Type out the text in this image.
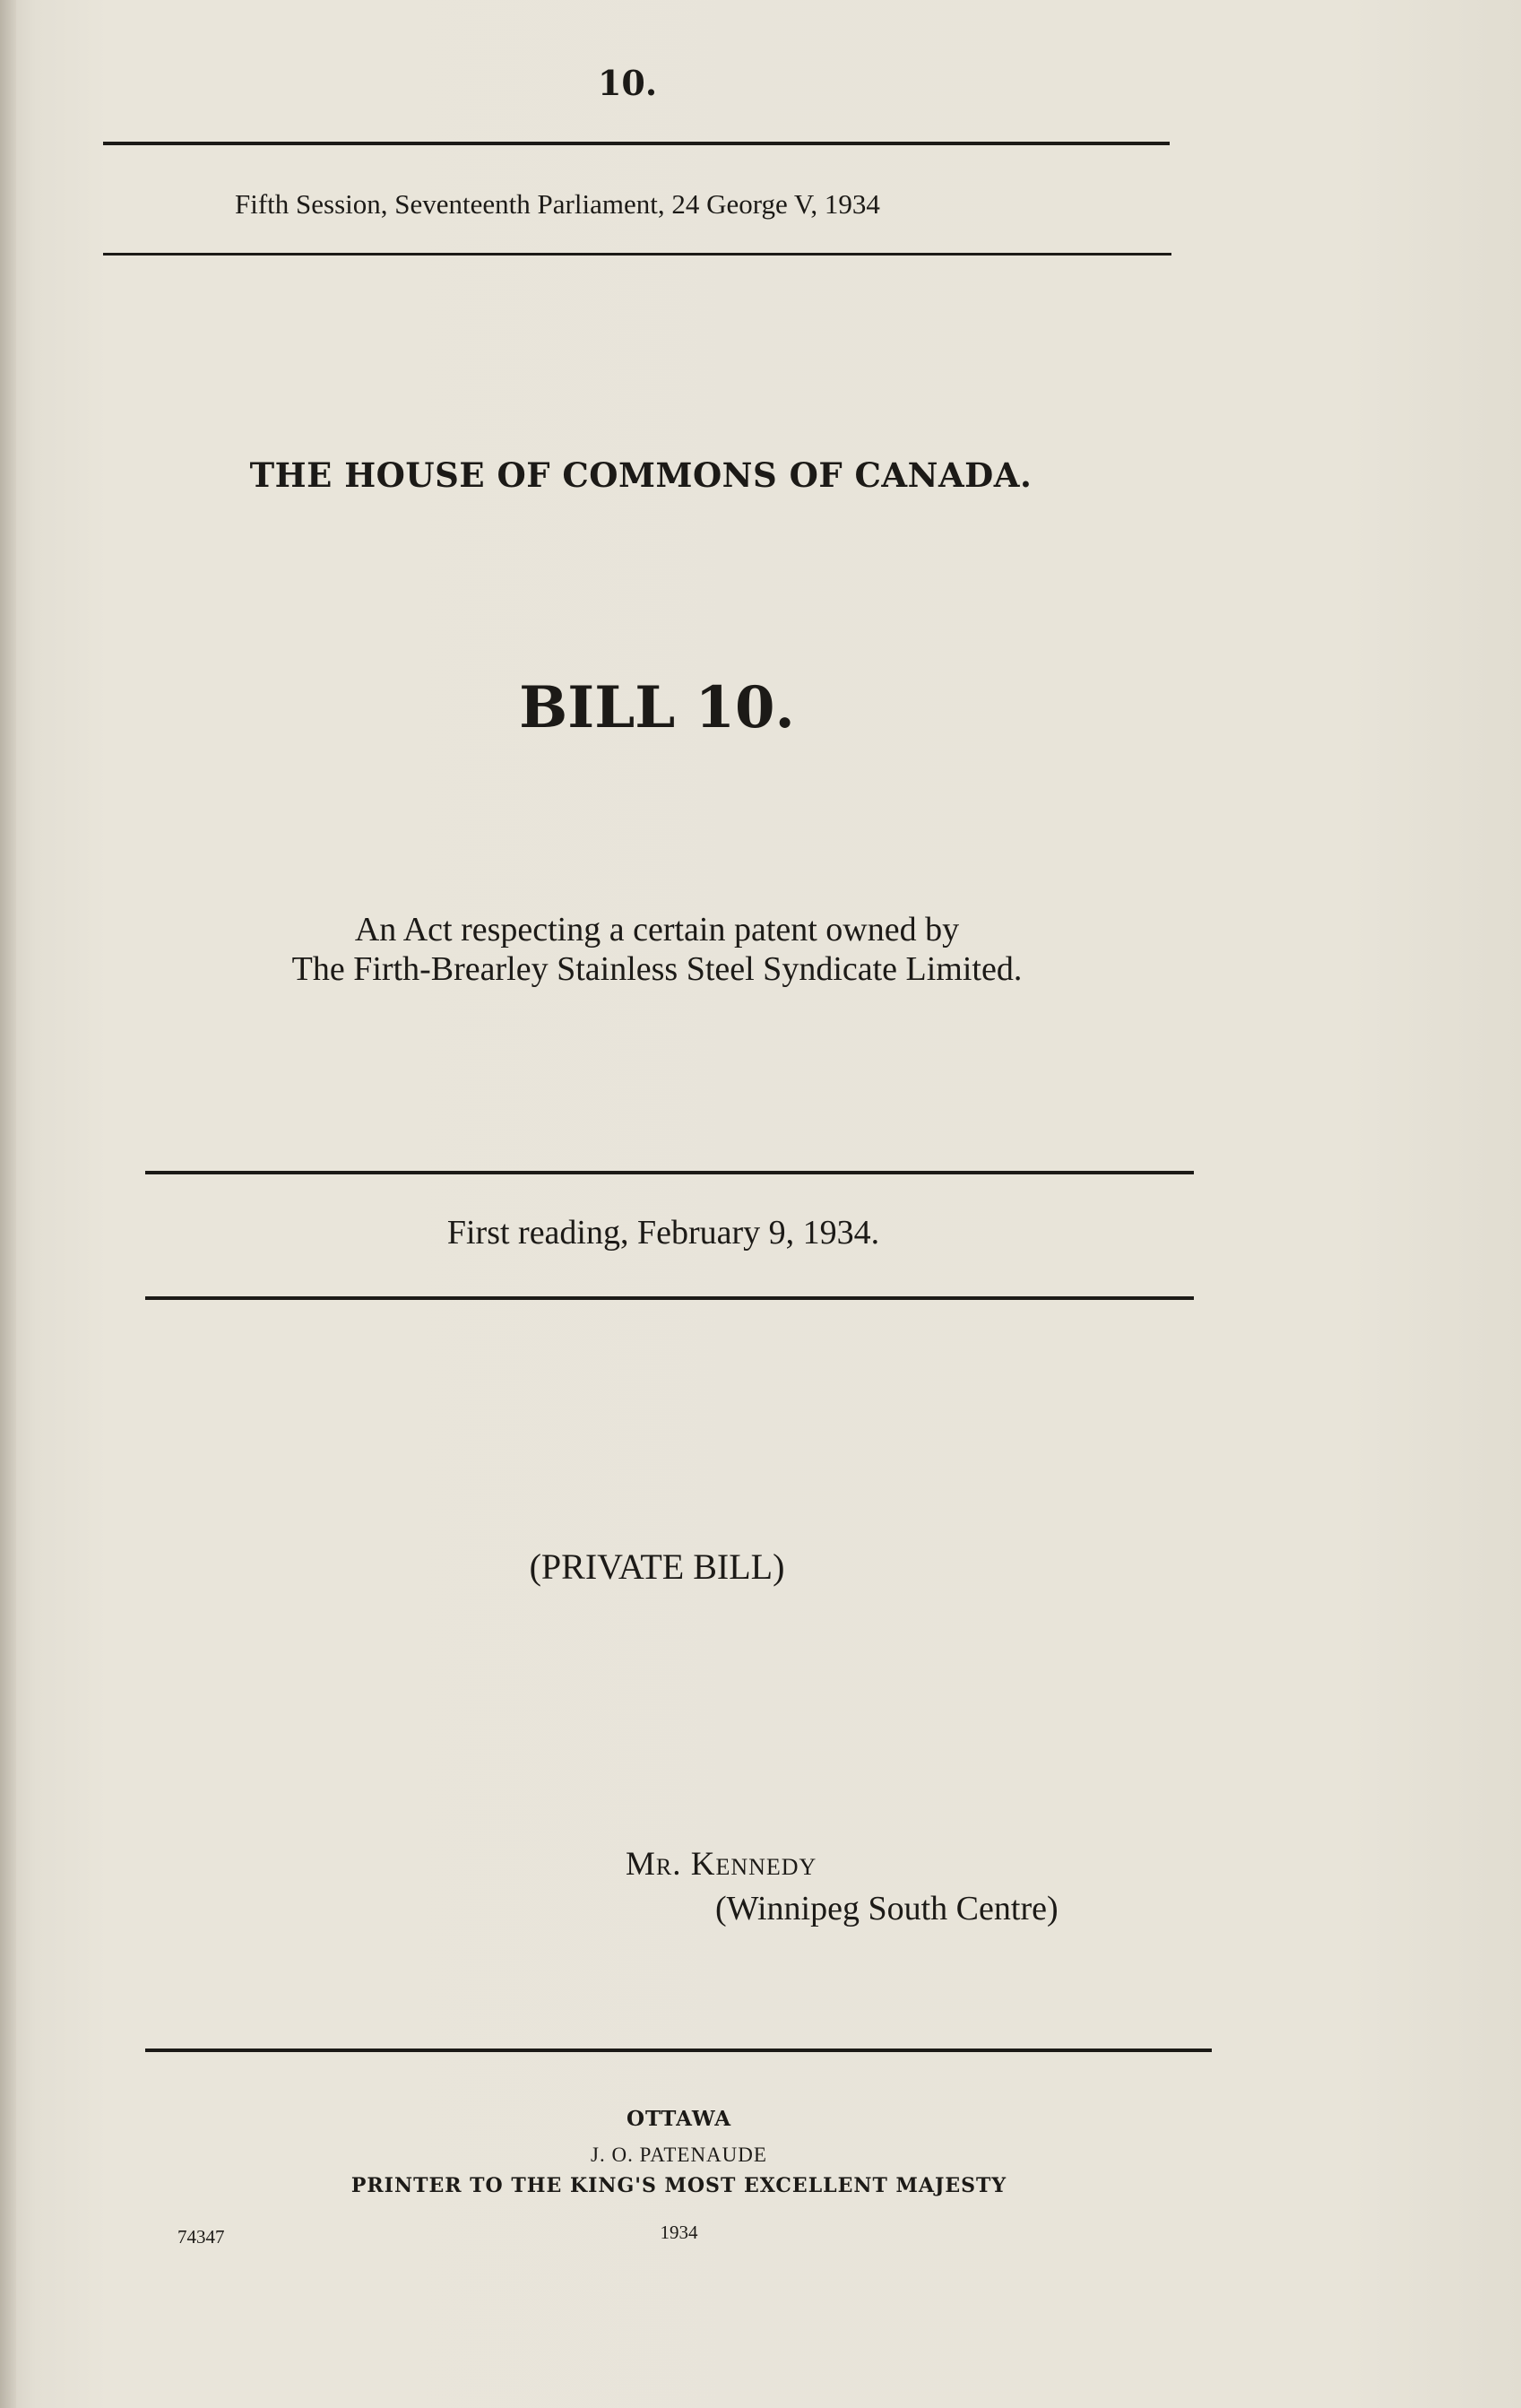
10.
Fifth Session, Seventeenth Parliament, 24 George V, 1934
THE HOUSE OF COMMONS OF CANADA.
BILL 10.
An Act respecting a certain patent owned by
The Firth-Brearley Stainless Steel Syndicate Limited.
First reading, February 9, 1934.
(PRIVATE BILL)
Mr. Kennedy
(Winnipeg South Centre)
OTTAWA
J. O. PATENAUDE
PRINTER TO THE KING'S MOST EXCELLENT MAJESTY
74347	1934
